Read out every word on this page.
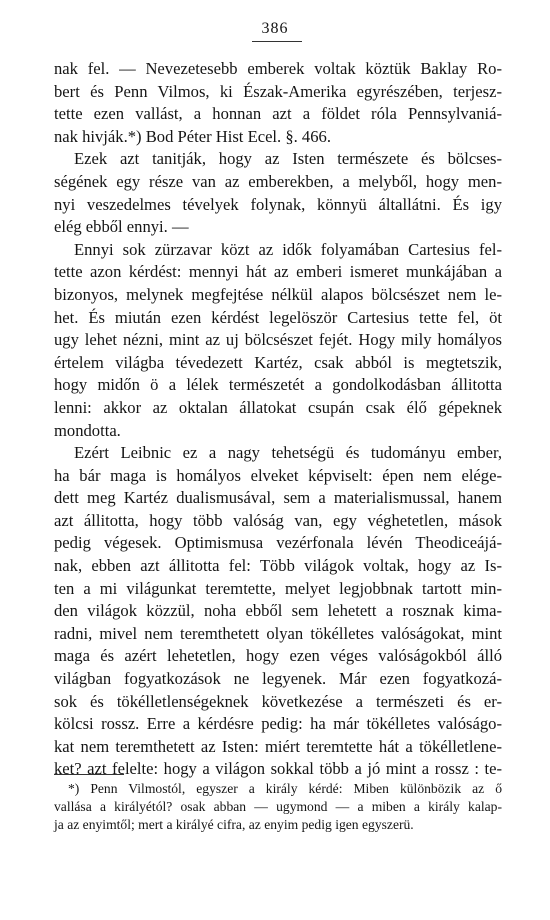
386
nak fel. — Nevezetesebb emberek voltak köztük Baklay Ro-
bert és Penn Vilmos, ki Észak-Amerika egyrészében, terjesz-
tette ezen vallást, a honnan azt a földet róla Pennsylvaniá-
nak hivják.*) Bod Péter Hist Ecel. §. 466.
Ezek azt tanitják, hogy az Isten természete és bölcses-
ségének egy része van az emberekben, a melyből, hogy men-
nyi veszedelmes tévelyek folynak, könnyü általlátni. És igy
elég ebből ennyi. —
Ennyi sok zürzavar közt az idők folyamában Cartesius fel-
tette azon kérdést: mennyi hát az emberi ismeret munkájában a
bizonyos, melynek megfejtése nélkül alapos bölcsészet nem le-
het. És miután ezen kérdést legelöször Cartesius tette fel, öt
ugy lehet nézni, mint az uj bölcsészet fejét. Hogy mily homályos
értelem világba tévedezett Kartéz, csak abból is megtetszik,
hogy midőn ö a lélek természetét a gondolkodásban állitotta
lenni: akkor az oktalan állatokat csupán csak élő gépeknek
mondotta.
Ezért Leibnic ez a nagy tehetségü és tudományu ember,
ha bár maga is homályos elveket képviselt: épen nem elége-
dett meg Kartéz dualismusával, sem a materialismussal, hanem
azt állitotta, hogy több valóság van, egy véghetetlen, mások
pedig végesek. Optimismusa vezérfonala lévén Theodiceájá-
nak, ebben azt állitotta fel: Több világok voltak, hogy az Is-
ten a mi világunkat teremtette, melyet legjobbnak tartott min-
den világok közzül, noha ebből sem lehetett a rosznak kima-
radni, mivel nem teremthetett olyan tökélletes valóságokat, mint
maga és azért lehetetlen, hogy ezen véges valóságokból álló
világban fogyatkozások ne legyenek. Már ezen fogyatkozá-
sok és tökélletlenségeknek következése a természeti és er-
kölcsi rossz. Erre a kérdésre pedig: ha már tökélletes valóságo-
kat nem teremthetett az Isten: miért teremtette hát a tökélletlene-
ket? azt felelte: hogy a világon sokkal több a jó mint a rossz : te-
*) Penn Vilmostól, egyszer a király kérdé: Miben különbözik az ő
vallása a királyétól? osak abban — ugymond — a miben a király kalap-
ja az enyimtől; mert a királyé cifra, az enyim pedig igen egyszerü.
